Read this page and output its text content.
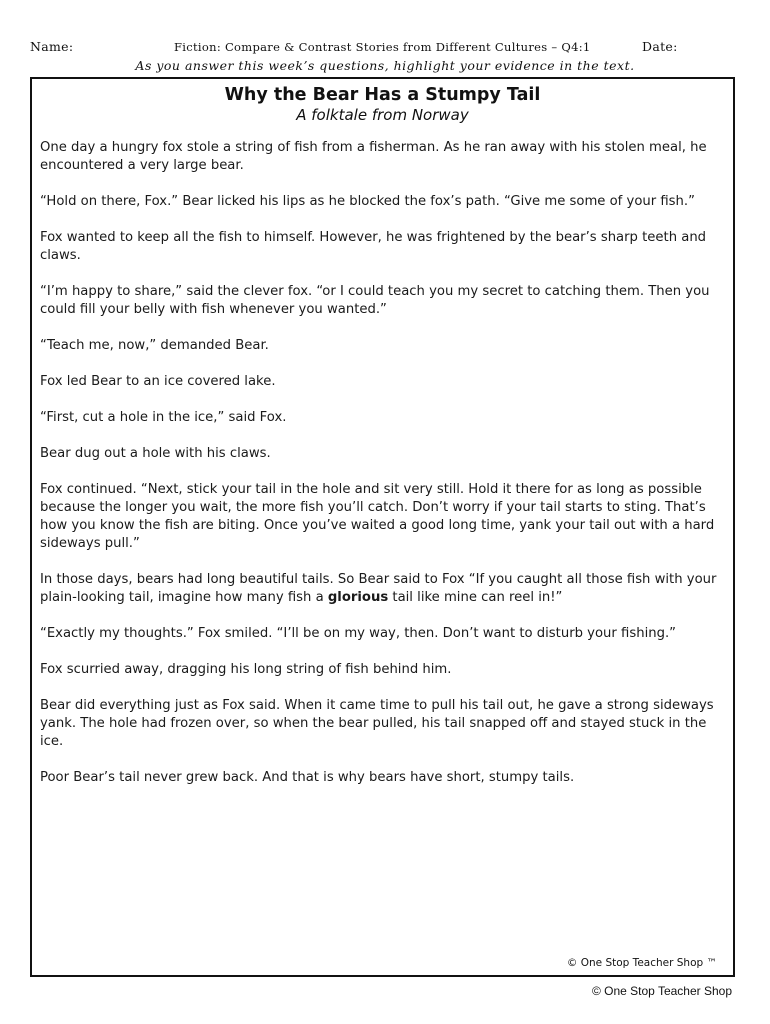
Name:	Fiction: Compare & Contrast Stories from Different Cultures – Q4:1	Date:
As you answer this week’s questions, highlight your evidence in the text.
Why the Bear Has a Stumpy Tail
A folktale from Norway

One day a hungry fox stole a string of fish from a fisherman. As he ran away with his stolen meal, he encountered a very large bear.

“Hold on there, Fox.” Bear licked his lips as he blocked the fox’s path. “Give me some of your fish.”

Fox wanted to keep all the fish to himself. However, he was frightened by the bear’s sharp teeth and claws.

“I’m happy to share,” said the clever fox. “or I could teach you my secret to catching them. Then you could fill your belly with fish whenever you wanted.”

“Teach me, now,” demanded Bear.

Fox led Bear to an ice covered lake.

“First, cut a hole in the ice,” said Fox.

Bear dug out a hole with his claws.

Fox continued. “Next, stick your tail in the hole and sit very still. Hold it there for as long as possible because the longer you wait, the more fish you’ll catch. Don’t worry if your tail starts to sting. That’s how you know the fish are biting. Once you’ve waited a good long time, yank your tail out with a hard sideways pull.”

In those days, bears had long beautiful tails. So Bear said to Fox “If you caught all those fish with your plain-looking tail, imagine how many fish a glorious tail like mine can reel in!”

“Exactly my thoughts.” Fox smiled. “I’ll be on my way, then. Don’t want to disturb your fishing.”

Fox scurried away, dragging his long string of fish behind him.

Bear did everything just as Fox said. When it came time to pull his tail out, he gave a strong sideways yank. The hole had frozen over, so when the bear pulled, his tail snapped off and stayed stuck in the ice.

Poor Bear’s tail never grew back. And that is why bears have short, stumpy tails.

© One Stop Teacher Shop ™
© One Stop Teacher Shop
